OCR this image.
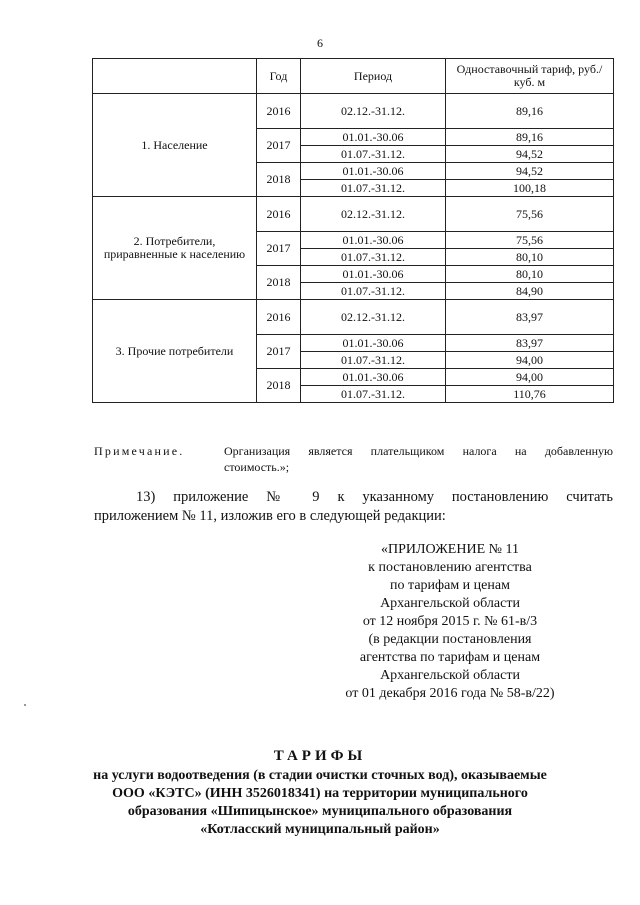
6
	Год	Период	Одноставочный тариф, руб./куб. м
1. Население	2016	02.12.-31.12.	89,16
	2017	01.01.-30.06	89,16
		01.07.-31.12.	94,52
	2018	01.01.-30.06	94,52
		01.07.-31.12.	100,18
2. Потребители, приравненные к населению	2016	02.12.-31.12.	75,56
	2017	01.01.-30.06	75,56
		01.07.-31.12.	80,10
	2018	01.01.-30.06	80,10
		01.07.-31.12.	84,90
3. Прочие потребители	2016	02.12.-31.12.	83,97
	2017	01.01.-30.06	83,97
		01.07.-31.12.	94,00
	2018	01.01.-30.06	94,00
		01.07.-31.12.	110,76
Примечание.	Организация является плательщиком налога на добавленную
стоимость.»;
13) приложение № 9 к указанному постановлению считать
приложением № 11, изложив его в следующей редакции:
«ПРИЛОЖЕНИЕ № 11
к постановлению агентства
по тарифам и ценам
Архангельской области
от 12 ноября 2015 г. № 61-в/3
(в редакции постановления
агентства по тарифам и ценам
Архангельской области
от 01 декабря 2016 года № 58-в/22)
ТАРИФЫ
на услуги водоотведения (в стадии очистки сточных вод), оказываемые
ООО «КЭТС» (ИНН 3526018341) на территории муниципального
образования «Шипицынское» муниципального образования
«Котласский муниципальный район»
